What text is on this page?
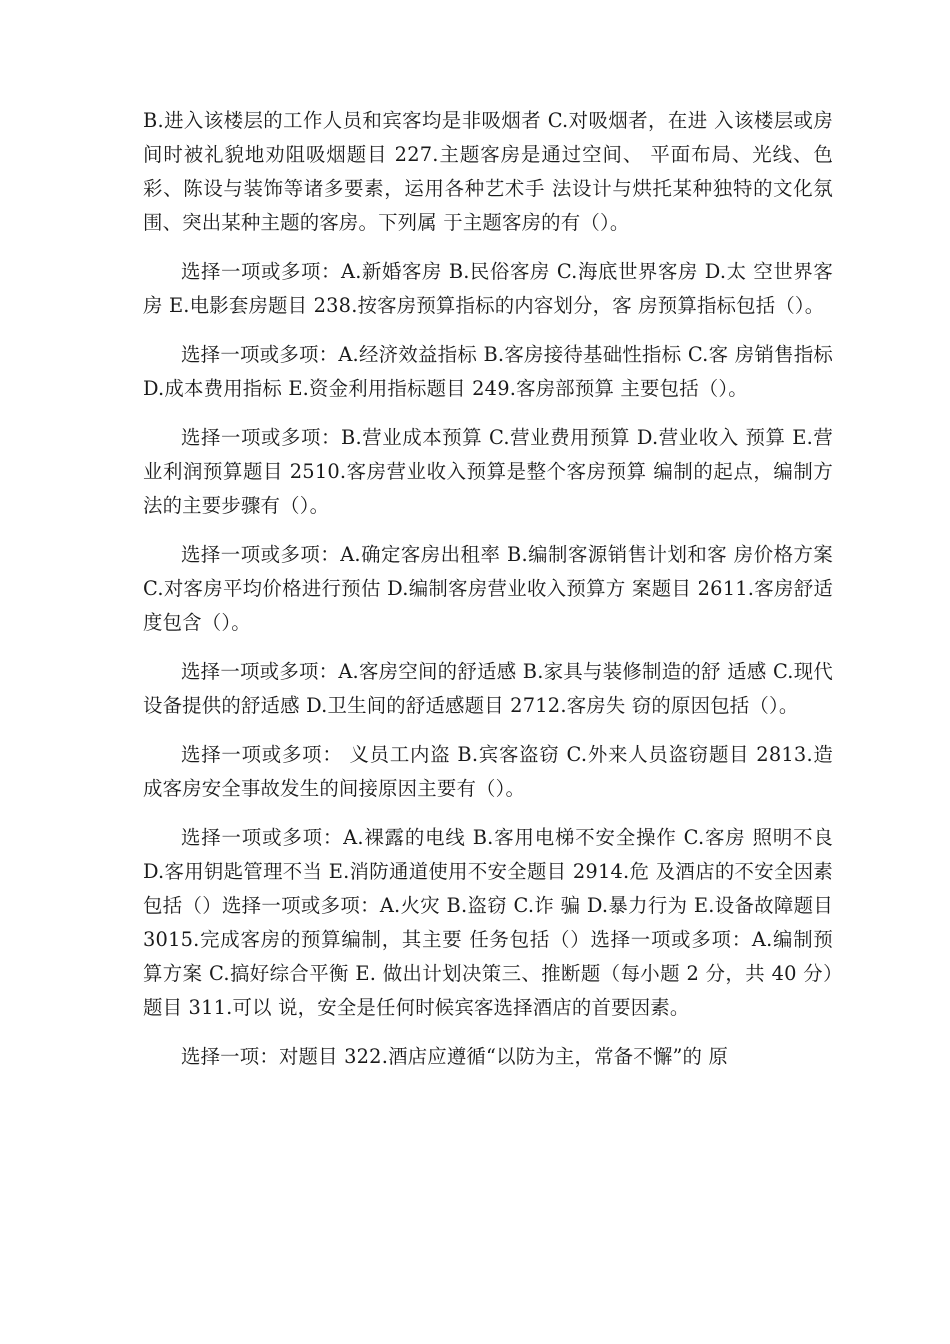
B.进入该楼层的工作人员和宾客均是非吸烟者 C.对吸烟者，在进 入该楼层或房间时被礼貌地劝阻吸烟题目 227.主题客房是通过空间、 平面布局、光线、色彩、陈设与装饰等诸多要素，运用各种艺术手 法设计与烘托某种独特的文化氛围、突出某种主题的客房。下列属 于主题客房的有（）。

选择一项或多项：A.新婚客房 B.民俗客房 C.海底世界客房 D.太 空世界客房 E.电影套房题目 238.按客房预算指标的内容划分，客 房预算指标包括（）。

选择一项或多项：A.经济效益指标 B.客房接待基础性指标 C.客 房销售指标 D.成本费用指标 E.资金利用指标题目 249.客房部预算 主要包括（）。

选择一项或多项：B.营业成本预算 C.营业费用预算 D.营业收入 预算 E.营业利润预算题目 2510.客房营业收入预算是整个客房预算 编制的起点，编制方法的主要步骤有（）。

选择一项或多项：A.确定客房出租率 B.编制客源销售计划和客 房价格方案 C.对客房平均价格进行预估 D.编制客房营业收入预算方 案题目 2611.客房舒适度包含（）。

选择一项或多项：A.客房空间的舒适感 B.家具与装修制造的舒 适感 C.现代设备提供的舒适感 D.卫生间的舒适感题目 2712.客房失 窃的原因包括（）。

选择一项或多项： 义员工内盗 B.宾客盗窃 C.外来人员盗窃题目 2813.造成客房安全事故发生的间接原因主要有（）。

选择一项或多项：A.裸露的电线 B.客用电梯不安全操作 C.客房 照明不良 D.客用钥匙管理不当 E.消防通道使用不安全题目 2914.危 及酒店的不安全因素包括（）选择一项或多项：A.火灾 B.盗窃 C.诈 骗 D.暴力行为 E.设备故障题目 3015.完成客房的预算编制，其主要 任务包括（）选择一项或多项：A.编制预算方案 C.搞好综合平衡 E. 做出计划决策三、推断题（每小题 2 分，共 40 分）题目 311.可以 说，安全是任何时候宾客选择酒店的首要因素。

选择一项：对题目 322.酒店应遵循“以防为主，常备不懈”的 原
